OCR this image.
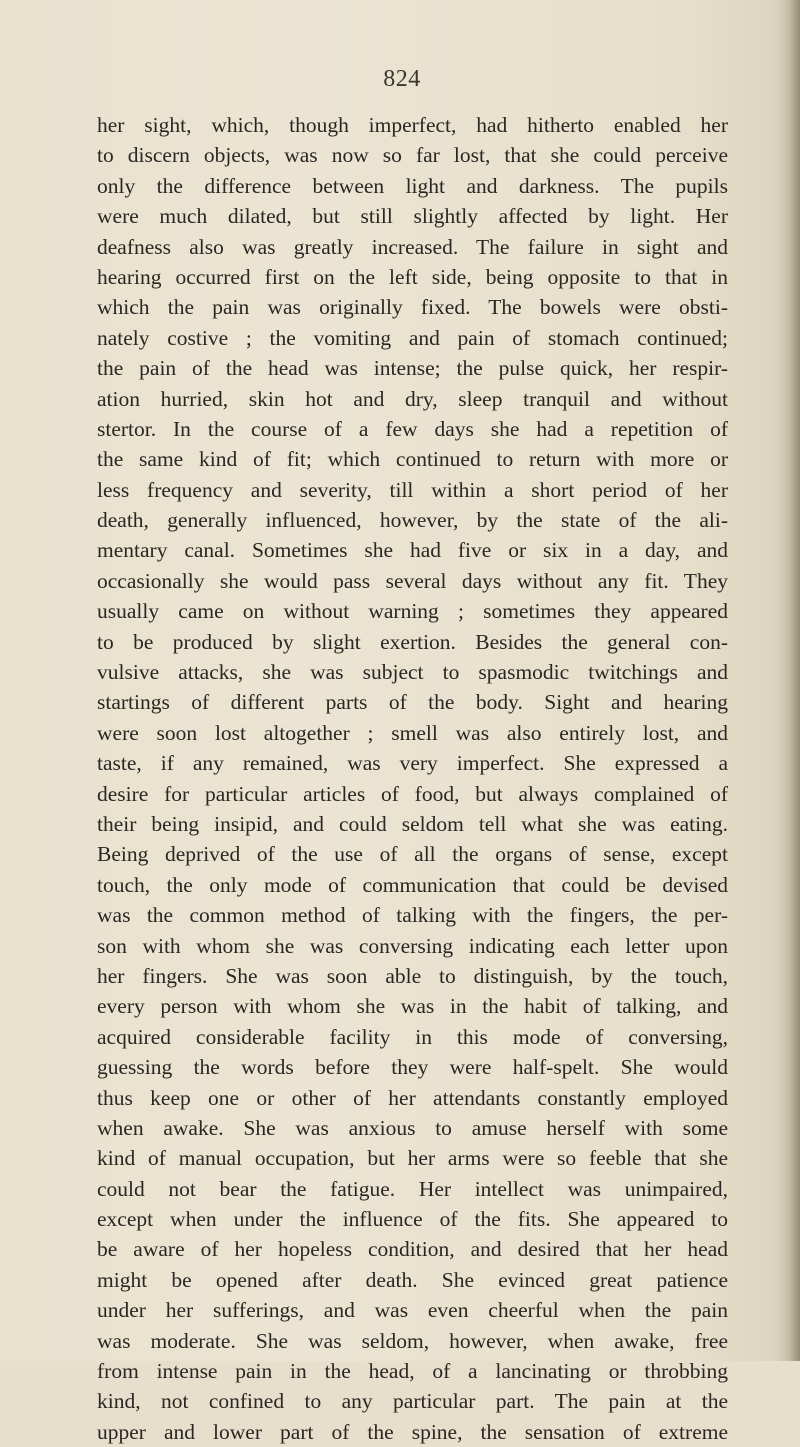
824
her sight, which, though imperfect, had hitherto enabled her
to discern objects, was now so far lost, that she could perceive
only the difference between light and darkness. The pupils
were much dilated, but still slightly affected by light. Her
deafness also was greatly increased. The failure in sight and
hearing occurred first on the left side, being opposite to that in
which the pain was originally fixed. The bowels were obsti-
nately costive ; the vomiting and pain of stomach continued;
the pain of the head was intense; the pulse quick, her respir-
ation hurried, skin hot and dry, sleep tranquil and without
stertor. In the course of a few days she had a repetition of
the same kind of fit; which continued to return with more or
less frequency and severity, till within a short period of her
death, generally influenced, however, by the state of the ali-
mentary canal. Sometimes she had five or six in a day, and
occasionally she would pass several days without any fit. They
usually came on without warning ; sometimes they appeared
to be produced by slight exertion. Besides the general con-
vulsive attacks, she was subject to spasmodic twitchings and
startings of different parts of the body. Sight and hearing
were soon lost altogether ; smell was also entirely lost, and
taste, if any remained, was very imperfect. She expressed a
desire for particular articles of food, but always complained of
their being insipid, and could seldom tell what she was eating.
Being deprived of the use of all the organs of sense, except
touch, the only mode of communication that could be devised
was the common method of talking with the fingers, the per-
son with whom she was conversing indicating each letter upon
her fingers. She was soon able to distinguish, by the touch,
every person with whom she was in the habit of talking, and
acquired considerable facility in this mode of conversing,
guessing the words before they were half-spelt. She would
thus keep one or other of her attendants constantly employed
when awake. She was anxious to amuse herself with some
kind of manual occupation, but her arms were so feeble that she
could not bear the fatigue. Her intellect was unimpaired,
except when under the influence of the fits. She appeared to
be aware of her hopeless condition, and desired that her head
might be opened after death. She evinced great patience
under her sufferings, and was even cheerful when the pain
was moderate. She was seldom, however, when awake, free
from intense pain in the head, of a lancinating or throbbing
kind, not confined to any particular part. The pain at the
upper and lower part of the spine, the sensation of extreme
